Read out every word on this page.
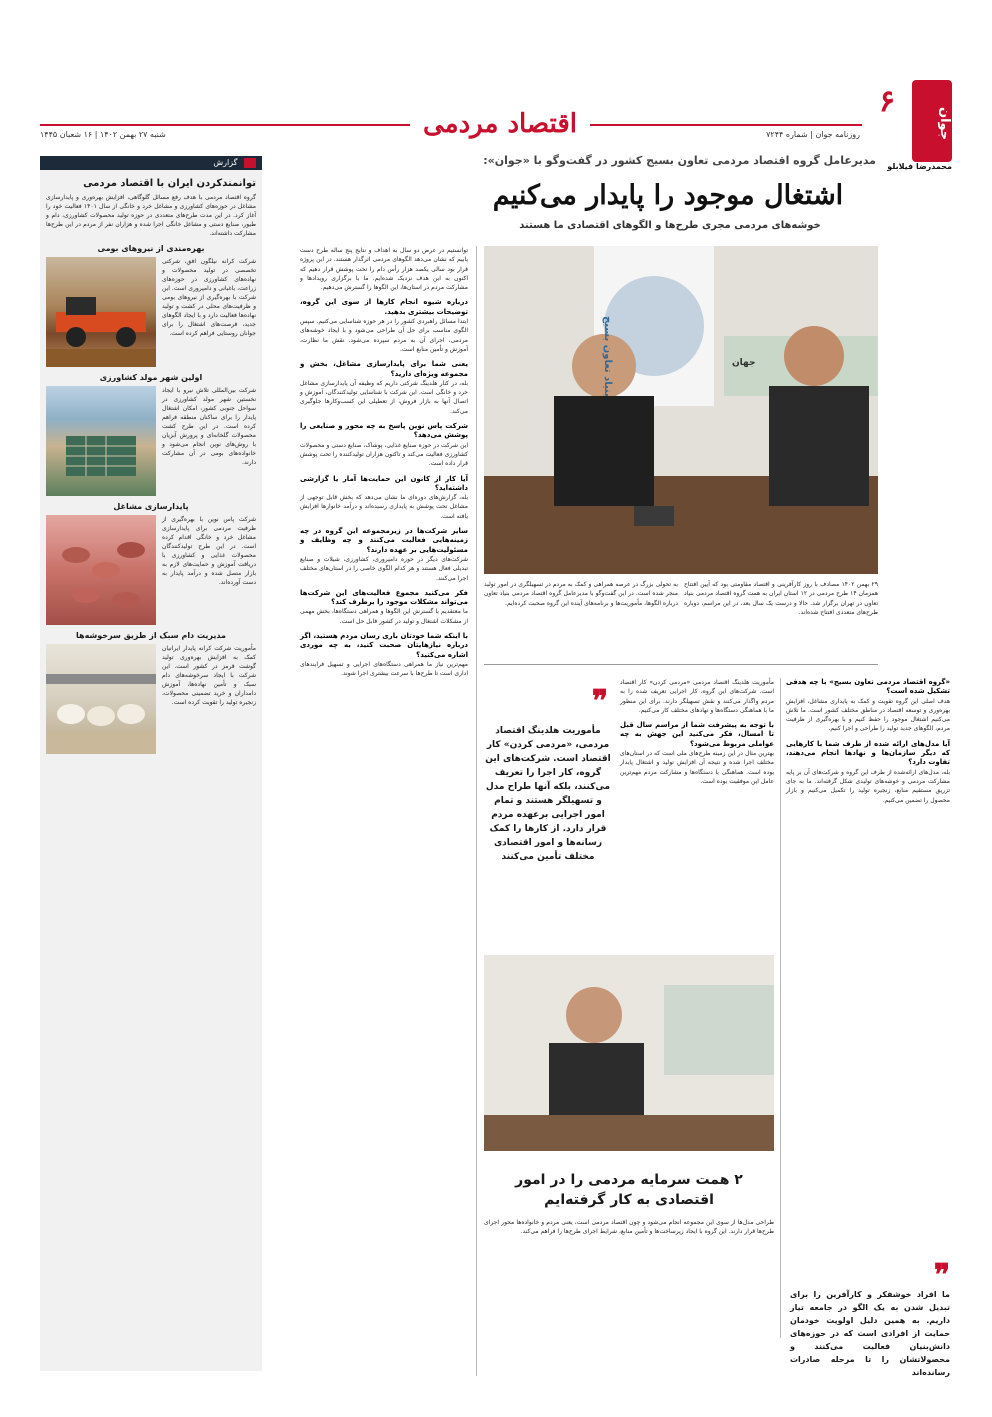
جوان
۶
اقتصاد مردمی	روزنامه جوان | شماره ۷۲۴۴
شنبه ۲۷ بهمن ۱۴۰۲ | ۱۶ شعبان ۱۴۴۵
گفت‌وگو
محمدرضا فیلابلو
گزارش
توانمندکردن ایران با اقتصاد مردمی
گروه اقتصاد مردمی با هدف رفع مسائل گلوگاهی، افزایش بهره‌وری و پایدارسازی مشاغل در حوزه‌های کشاورزی و مشاغل خرد و خانگی از سال ۱۴۰۱ فعالیت خود را آغاز کرد. در این مدت طرح‌های متعددی در حوزه تولید محصولات کشاورزی، دام و طیور، صنایع دستی و مشاغل خانگی اجرا شده و هزاران نفر از مردم در این طرح‌ها مشارکت داشته‌اند.
بهره‌مندی از نیروهای بومی
شرکت کرانه نیلگون افق، شرکتی تخصصی در تولید محصولات و نهاده‌های کشاورزی در حوزه‌های زراعت، باغبانی و دامپروری است. این شرکت با بهره‌گیری از نیروهای بومی و ظرفیت‌های محلی در کشت و تولید نهاده‌ها فعالیت دارد و با ایجاد الگوهای جدید، فرصت‌های اشتغال را برای جوانان روستایی فراهم کرده است.
اولین شهر مولد کشاورزی
شرکت بین‌المللی تلاش نیرو با ایجاد نخستین شهر مولد کشاورزی در سواحل جنوبی کشور، امکان اشتغال پایدار را برای ساکنان منطقه فراهم کرده است. در این طرح کشت محصولات گلخانه‌ای و پرورش آبزیان با روش‌های نوین انجام می‌شود و خانواده‌های بومی در آن مشارکت دارند.
پایدارسازی مشاغل
شرکت پاس نوین با بهره‌گیری از ظرفیت مردمی برای پایدارسازی مشاغل خرد و خانگی اقدام کرده است. در این طرح تولیدکنندگان محصولات غذایی و کشاورزی با دریافت آموزش و حمایت‌های لازم به بازار متصل شده و درآمد پایدار به دست آورده‌اند.
مدیریت دام سبک از طریق سرخوشه‌ها
مأموریت شرکت کرانه پایدار ایرانیان کمک به افزایش بهره‌وری تولید گوشت قرمز در کشور است. این شرکت با ایجاد سرخوشه‌های دام سبک و تأمین نهاده‌ها، آموزش دامداران و خرید تضمینی محصولات، زنجیره تولید را تقویت کرده است.
مدیرعامل گروه اقتصاد مردمی تعاون بسیج کشور در گفت‌وگو با «جوان»:
اشتغال موجود را پایدار می‌کنیم
خوشه‌های مردمی مجری طرح‌ها و الگوهای اقتصادی ما هستند
بنیاد تعاون بسیج	جهان
۲۹ بهمن ۱۴۰۲ مصادف با روز کارآفرینی و اقتصاد مقاومتی بود که آیین افتتاح همزمان ۱۴ طرح مردمی در ۱۲ استان ایران به همت گروه اقتصاد مردمی بنیاد تعاون در تهران برگزار شد. حالا و درست یک سال بعد، در این مراسم، دوباره طرح‌های متعددی افتتاح شده‌اند.
به تحولی بزرگ در عرصه همراهی و کمک به مردم در تسهیلگری در امور تولید منجر شده است. در این گفت‌وگو با مدیرعامل گروه اقتصاد مردمی بنیاد تعاون درباره الگوها، مأموریت‌ها و برنامه‌های آینده این گروه صحبت کرده‌ایم.
«گروه اقتصاد مردمی تعاون بسیج» با چه هدفی تشکیل شده است؟
هدف اصلی این گروه تقویت و کمک به پایداری مشاغل، افزایش بهره‌وری و توسعه اقتصاد در مناطق مختلف کشور است. ما تلاش می‌کنیم اشتغال موجود را حفظ کنیم و با بهره‌گیری از ظرفیت مردم، الگوهای جدید تولید را طراحی و اجرا کنیم.
آیا مدل‌های ارائه شده از طرف شما با کارهایی که دیگر سازمان‌ها و نهادها انجام می‌دهند، تفاوت دارد؟
بله، مدل‌های ارائه‌شده از طرف این گروه و شرکت‌های آن بر پایه مشارکت مردمی و خوشه‌های تولیدی شکل گرفته‌اند. ما به جای تزریق مستقیم منابع، زنجیره تولید را تکمیل می‌کنیم و بازار محصول را تضمین می‌کنیم.
مأموریت هلدینگ اقتصاد مردمی «مردمی کردن» کار اقتصاد است. شرکت‌های این گروه، کار اجرایی تعریف شده را به مردم واگذار می‌کنند و نقش تسهیلگر دارند. برای این منظور ما با هماهنگی دستگاه‌ها و نهادهای مختلف کار می‌کنیم.
با توجه به پیشرفت شما از مراسم سال قبل تا امسال، فکر می‌کنید این جهش به چه عواملی مربوط می‌شود؟
بهترین مثال در این زمینه طرح‌های ملی است که در استان‌های مختلف اجرا شده و نتیجه آن افزایش تولید و اشتغال پایدار بوده است. هماهنگی با دستگاه‌ها و مشارکت مردم مهم‌ترین عامل این موفقیت بوده است.
❞
مأموریت هلدینگ اقتصاد مردمی، «مردمی کردن» کار اقتصاد است. شرکت‌های این گروه، کار اجرا را تعریف می‌کنند، بلکه آنها طراح مدل و تسهیلگر هستند و تمام امور اجرایی برعهده مردم قرار دارد. از کارها را کمک رسانه‌ها و امور اقتصادی مختلف تأمین می‌کنند
۲ همت سرمایه مردمی را در امور اقتصادی به کار گرفته‌ایم
طراحی مدل‌ها از سوی این مجموعه انجام می‌شود و چون اقتصاد مردمی است، یعنی مردم و خانواده‌ها محور اجرای طرح‌ها قرار دارند. این گروه با ایجاد زیرساخت‌ها و تأمین منابع، شرایط اجرای طرح‌ها را فراهم می‌کند.
توانستیم در عرض دو سال به اهداف و نتایج پنج ساله طرح دست یابیم که نشان می‌دهد الگوهای مردمی اثرگذار هستند. در این پروژه قرار بود سالی یکصد هزار رأس دام را تحت پوشش قرار دهیم که اکنون به این هدف نزدیک شده‌ایم. ما با برگزاری رویدادها و مشارکت مردم در استان‌ها، این الگوها را گسترش می‌دهیم.
درباره شیوه انجام کارها از سوی این گروه، توضیحات بیشتری بدهید.
ابتدا مسائل راهبردی کشور را در هر حوزه شناسایی می‌کنیم. سپس الگوی مناسب برای حل آن طراحی می‌شود و با ایجاد خوشه‌های مردمی، اجرای آن به مردم سپرده می‌شود. نقش ما نظارت، آموزش و تأمین منابع است.
یعنی شما برای پایدارسازی مشاغل، بخش و مجموعه ویژه‌ای دارید؟
بله، در کنار هلدینگ شرکتی داریم که وظیفه آن پایدارسازی مشاغل خرد و خانگی است. این شرکت با شناسایی تولیدکنندگان، آموزش و اتصال آنها به بازار فروش، از تعطیلی این کسب‌وکارها جلوگیری می‌کند.
شرکت پاس نوین پاسخ به چه محور و صنایعی را پوشش می‌دهد؟
این شرکت در حوزه صنایع غذایی، پوشاک، صنایع دستی و محصولات کشاورزی فعالیت می‌کند و تاکنون هزاران تولیدکننده را تحت پوشش قرار داده است.
آیا کار از کانون این حمایت‌ها آمار یا گزارشی داشته‌اید؟
بله، گزارش‌های دوره‌ای ما نشان می‌دهد که بخش قابل توجهی از مشاغل تحت پوشش به پایداری رسیده‌اند و درآمد خانوارها افزایش یافته است.
سایر شرکت‌ها در زیرمجموعه این گروه در چه زمینه‌هایی فعالیت می‌کنند و چه وظایف و مسئولیت‌هایی بر عهده دارند؟
شرکت‌های دیگر در حوزه دامپروری، کشاورزی، شیلات و صنایع تبدیلی فعال هستند و هر کدام الگوی خاصی را در استان‌های مختلف اجرا می‌کنند.
فکر می‌کنید مجموع فعالیت‌های این شرکت‌ها می‌تواند مشکلات موجود را برطرف کند؟
ما معتقدیم با گسترش این الگوها و همراهی دستگاه‌ها، بخش مهمی از مشکلات اشتغال و تولید در کشور قابل حل است.
با اینکه شما خودتان باری رسان مردم هستید، اگر درباره نیازهایتان صحبت کنید، به چه موردی اشاره می‌کنید؟
مهم‌ترین نیاز ما همراهی دستگاه‌های اجرایی و تسهیل فرایندهای اداری است تا طرح‌ها با سرعت بیشتری اجرا شوند.
❞
ما افراد خوشفکر و کارآفرین را برای تبدیل شدن به یک الگو در جامعه تیاز داریم. به همین دلیل اولویت خودمان حمایت از افرادی است که در حوزه‌های دانش‌بنیان فعالیت می‌کنند و محصولاتشان را تا مرحله صادرات رسانده‌اند
